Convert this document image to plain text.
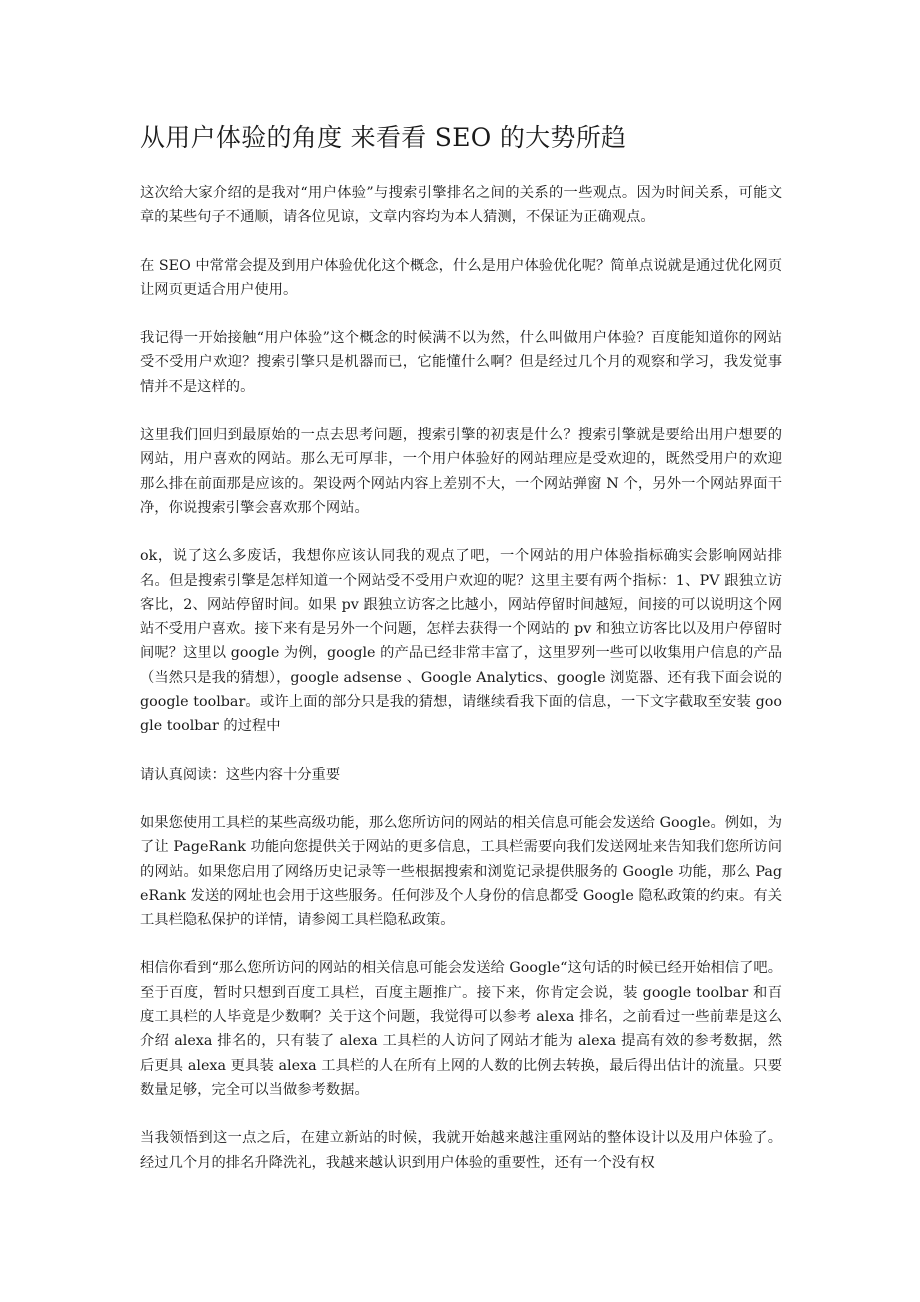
从用户体验的角度 来看看 SEO 的大势所趋

这次给大家介绍的是我对“用户体验”与搜索引擎排名之间的关系的一些观点。因为时间关系，可能文章的某些句子不通顺，请各位见谅，文章内容均为本人猜测，不保证为正确观点。

在 SEO 中常常会提及到用户体验优化这个概念，什么是用户体验优化呢？简单点说就是通过优化网页让网页更适合用户使用。

我记得一开始接触“用户体验”这个概念的时候满不以为然，什么叫做用户体验？百度能知道你的网站受不受用户欢迎？搜索引擎只是机器而已，它能懂什么啊？但是经过几个月的观察和学习，我发觉事情并不是这样的。

这里我们回归到最原始的一点去思考问题，搜索引擎的初衷是什么？搜索引擎就是要给出用户想要的网站，用户喜欢的网站。那么无可厚非，一个用户体验好的网站理应是受欢迎的，既然受用户的欢迎那么排在前面那是应该的。架设两个网站内容上差别不大，一个网站弹窗 N 个，另外一个网站界面干净，你说搜索引擎会喜欢那个网站。

ok，说了这么多废话，我想你应该认同我的观点了吧，一个网站的用户体验指标确实会影响网站排名。但是搜索引擎是怎样知道一个网站受不受用户欢迎的呢？这里主要有两个指标：1、PV 跟独立访客比，2、网站停留时间。如果 pv 跟独立访客之比越小，网站停留时间越短，间接的可以说明这个网站不受用户喜欢。接下来有是另外一个问题，怎样去获得一个网站的 pv 和独立访客比以及用户停留时间呢？这里以 google 为例，google 的产品已经非常丰富了，这里罗列一些可以收集用户信息的产品（当然只是我的猜想），google adsense 、Google Analytics、google 浏览器、还有我下面会说的 google toolbar。或许上面的部分只是我的猜想，请继续看我下面的信息，一下文字截取至安装 google toolbar 的过程中

请认真阅读：这些内容十分重要

如果您使用工具栏的某些高级功能，那么您所访问的网站的相关信息可能会发送给 Google。例如，为了让 PageRank 功能向您提供关于网站的更多信息，工具栏需要向我们发送网址来告知我们您所访问的网站。如果您启用了网络历史记录等一些根据搜索和浏览记录提供服务的 Google 功能，那么 PageRank 发送的网址也会用于这些服务。任何涉及个人身份的信息都受 Google 隐私政策的约束。有关工具栏隐私保护的详情，请参阅工具栏隐私政策。

相信你看到“那么您所访问的网站的相关信息可能会发送给 Google“这句话的时候已经开始相信了吧。至于百度，暂时只想到百度工具栏，百度主题推广。接下来，你肯定会说，装 google toolbar 和百度工具栏的人毕竟是少数啊？关于这个问题，我觉得可以参考 alexa 排名，之前看过一些前辈是这么介绍 alexa 排名的，只有装了 alexa 工具栏的人访问了网站才能为 alexa 提高有效的参考数据，然后更具 alexa 更具装 alexa 工具栏的人在所有上网的人数的比例去转换，最后得出估计的流量。只要数量足够，完全可以当做参考数据。

当我领悟到这一点之后，在建立新站的时候，我就开始越来越注重网站的整体设计以及用户体验了。经过几个月的排名升降洗礼，我越来越认识到用户体验的重要性，还有一个没有权
